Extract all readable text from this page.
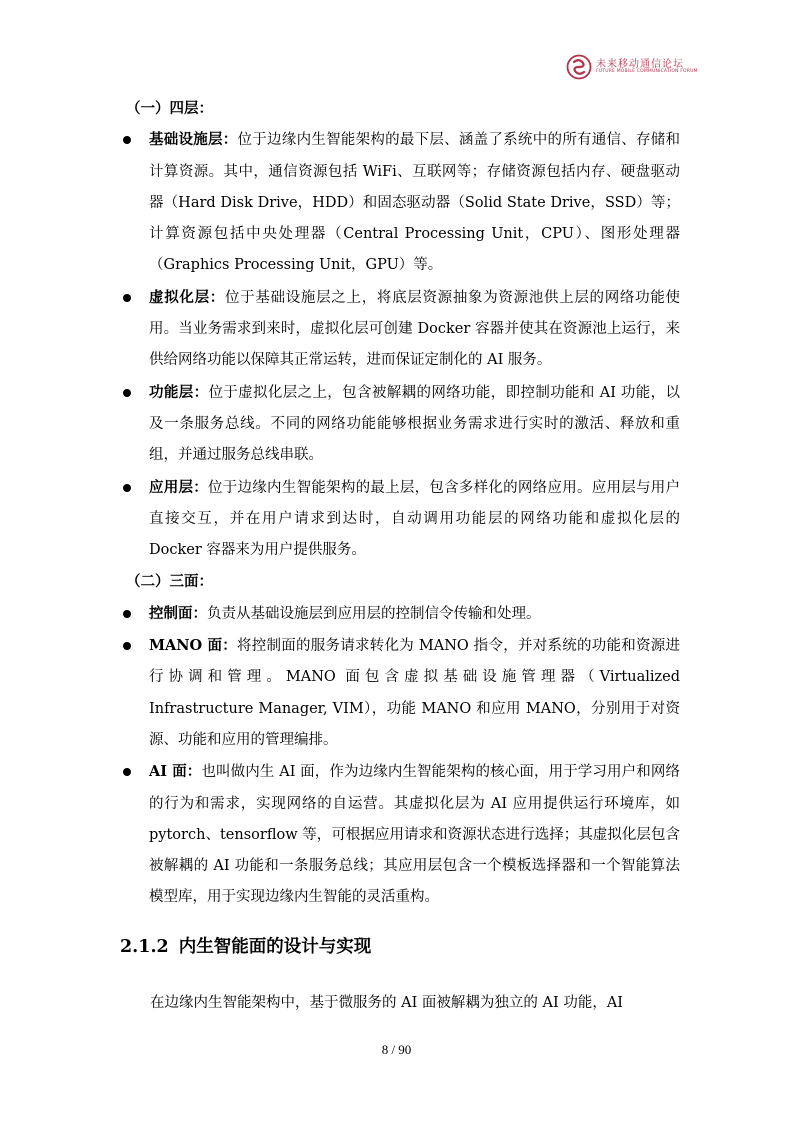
未来移动通信论坛
FUTURE MOBILE COMMUNICATION FORUM
（一）四层：
基础设施层：位于边缘内生智能架构的最下层、涵盖了系统中的所有通信、存储和计算资源。其中，通信资源包括 WiFi、互联网等；存储资源包括内存、硬盘驱动器（Hard Disk Drive，HDD）和固态驱动器（Solid State Drive，SSD）等；计算资源包括中央处理器（Central Processing Unit，CPU）、图形处理器（Graphics Processing Unit，GPU）等。
虚拟化层：位于基础设施层之上，将底层资源抽象为资源池供上层的网络功能使用。当业务需求到来时，虚拟化层可创建 Docker 容器并使其在资源池上运行，来供给网络功能以保障其正常运转，进而保证定制化的 AI 服务。
功能层：位于虚拟化层之上，包含被解耦的网络功能，即控制功能和 AI 功能，以及一条服务总线。不同的网络功能能够根据业务需求进行实时的激活、释放和重组，并通过服务总线串联。
应用层：位于边缘内生智能架构的最上层，包含多样化的网络应用。应用层与用户直接交互，并在用户请求到达时，自动调用功能层的网络功能和虚拟化层的 Docker 容器来为用户提供服务。
（二）三面：
控制面：负责从基础设施层到应用层的控制信令传输和处理。
MANO 面：将控制面的服务请求转化为 MANO 指令，并对系统的功能和资源进行协调和管理。MANO 面包含虚拟基础设施管理器（Virtualized Infrastructure Manager, VIM），功能 MANO 和应用 MANO，分别用于对资源、功能和应用的管理编排。
AI 面：也叫做内生 AI 面，作为边缘内生智能架构的核心面，用于学习用户和网络的行为和需求，实现网络的自运营。其虚拟化层为 AI 应用提供运行环境库，如 pytorch、tensorflow 等，可根据应用请求和资源状态进行选择；其虚拟化层包含被解耦的 AI 功能和一条服务总线；其应用层包含一个模板选择器和一个智能算法模型库，用于实现边缘内生智能的灵活重构。
2.1.2 内生智能面的设计与实现
在边缘内生智能架构中，基于微服务的 AI 面被解耦为独立的 AI 功能，AI
8 / 90
